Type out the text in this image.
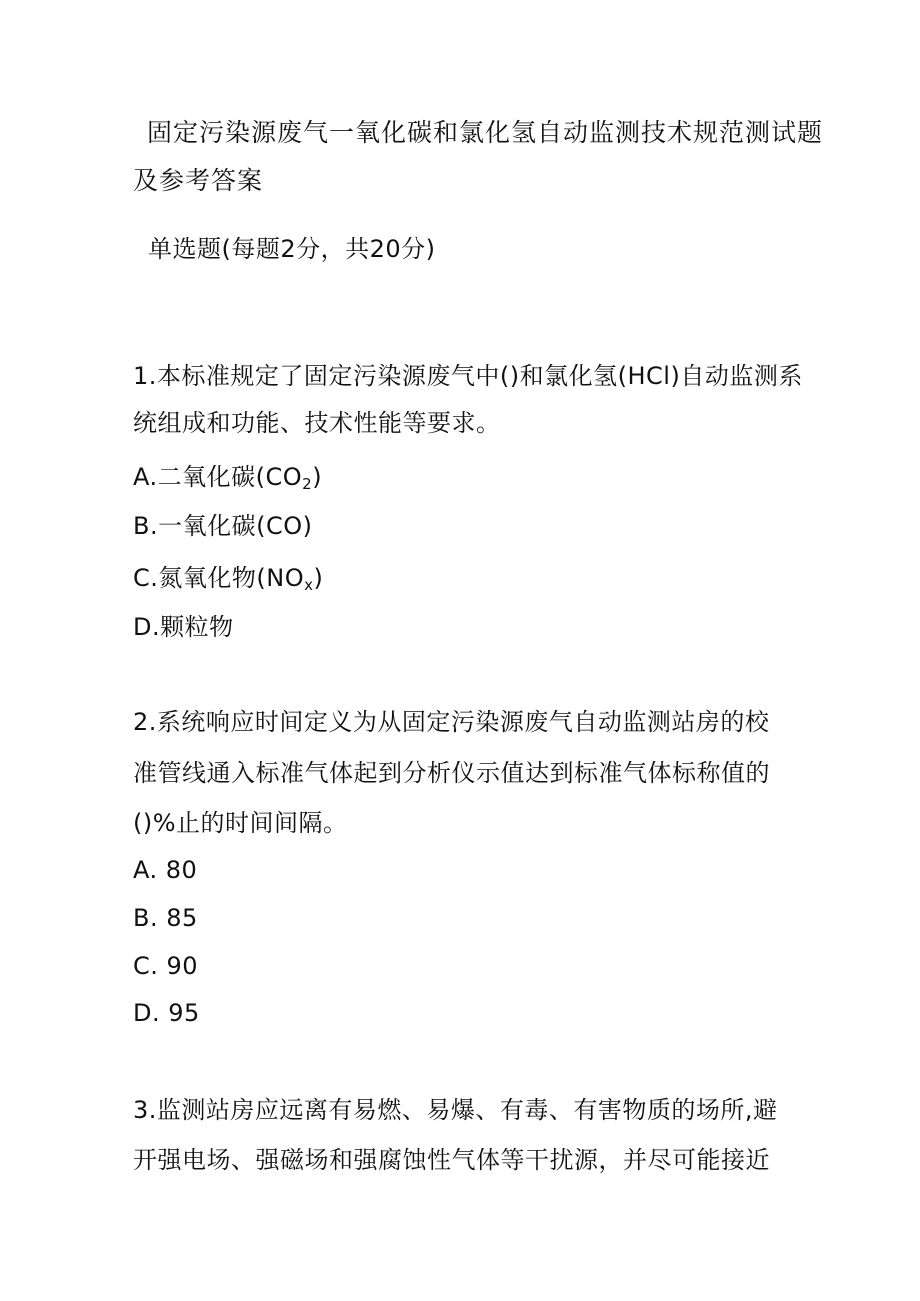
固定污染源废气一氧化碳和氯化氢自动监测技术规范测试题
及参考答案
单选题(每题2分，共20分)
1.本标准规定了固定污染源废气中()和氯化氢(HCl)自动监测系
统组成和功能、技术性能等要求。
A.二氧化碳$(CO_2)$
B.一氧化碳(CO)
C.氮氧化物$(NO_x)$
D.颗粒物
2.系统响应时间定义为从固定污染源废气自动监测站房的校
准管线通入标准气体起到分析仪示值达到标准气体标称值的
()%止的时间间隔。
A. 80
B. 85
C. 90
D. 95
3.监测站房应远离有易燃、易爆、有毒、有害物质的场所,避
开强电场、强磁场和强腐蚀性气体等干扰源，并尽可能接近
